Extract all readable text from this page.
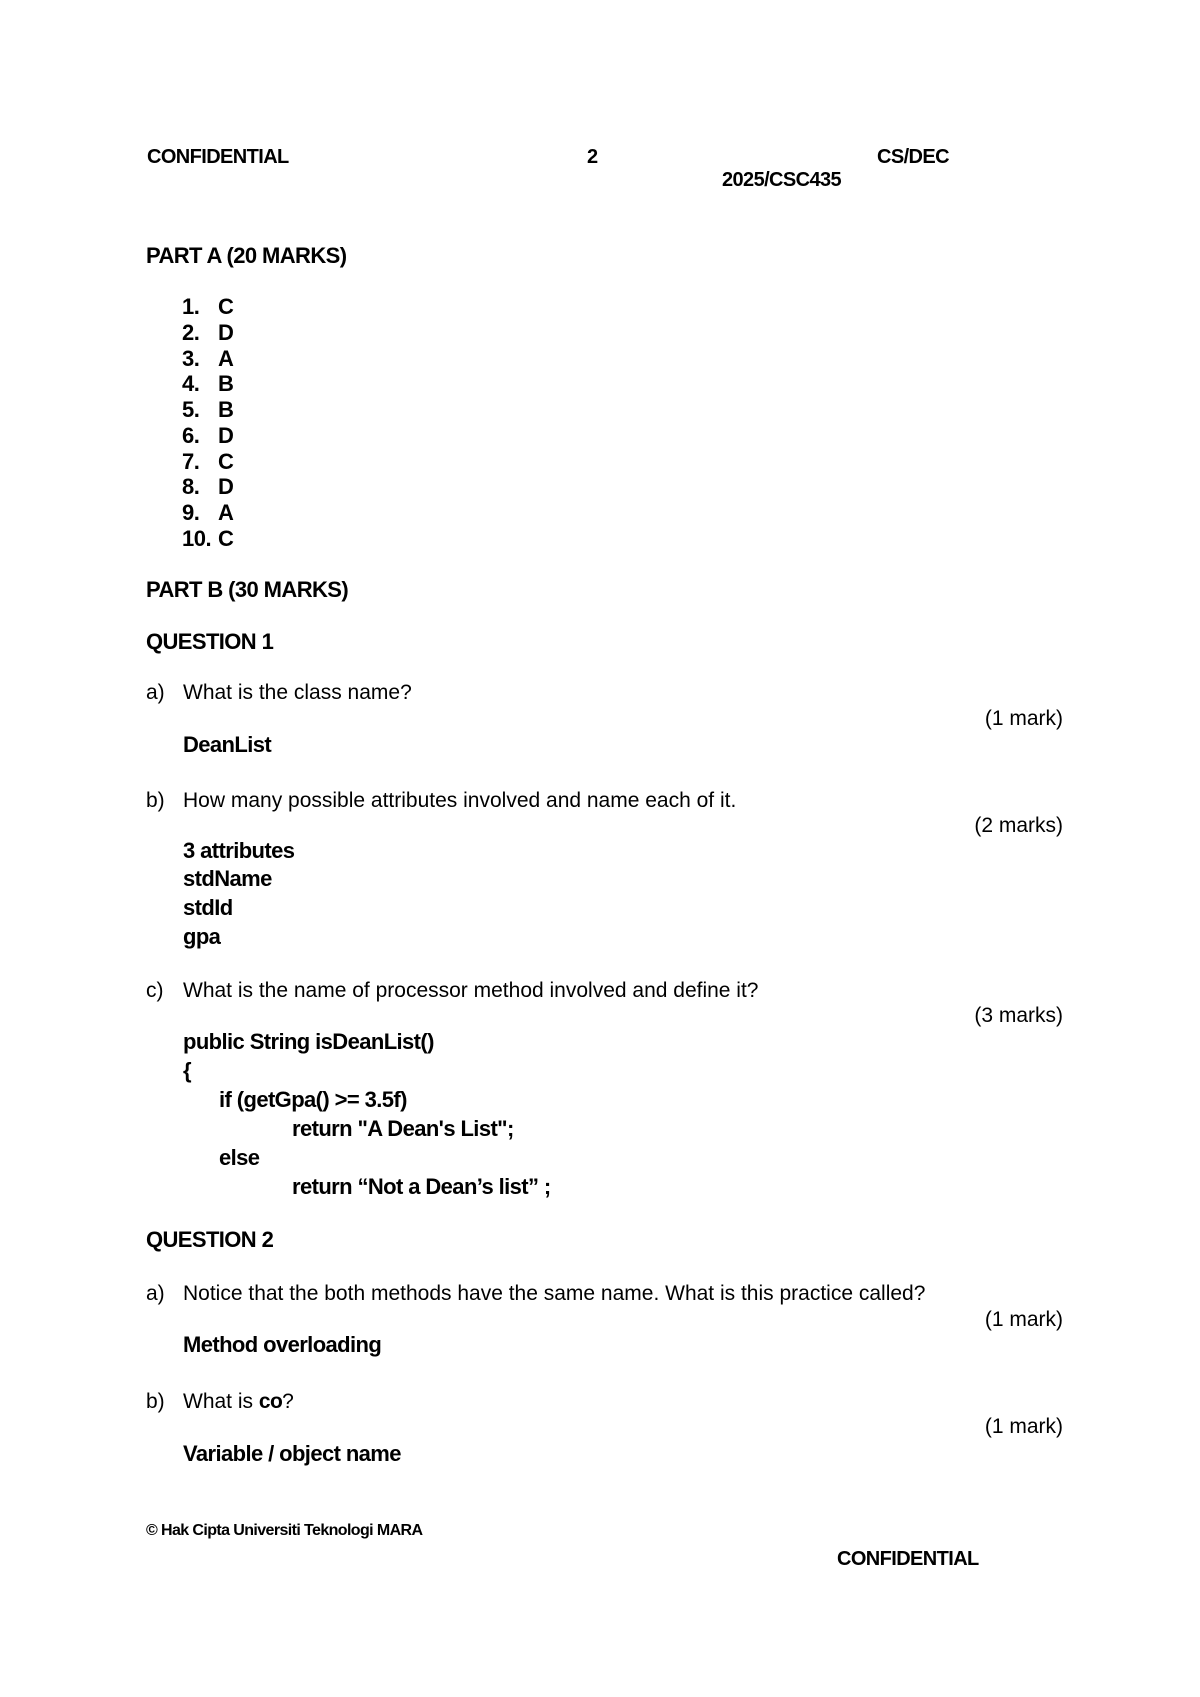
CONFIDENTIAL	2	CS/DEC
2025/CSC435
PART A (20 MARKS)
1. C
2. D
3. A
4. B
5. B
6. D
7. C
8. D
9. A
10. C
PART B (30 MARKS)
QUESTION 1
a) What is the class name?
(1 mark)
DeanList
b) How many possible attributes involved and name each of it.
(2 marks)
3 attributes
stdName
stdId
gpa
c) What is the name of processor method involved and define it?
(3 marks)
public String isDeanList()
{
if (getGpa() >= 3.5f)
return "A Dean's List";
else
return “Not a Dean’s list” ;
QUESTION 2
a) Notice that the both methods have the same name. What is this practice called?
(1 mark)
Method overloading
b) What is co?
(1 mark)
Variable / object name
© Hak Cipta Universiti Teknologi MARA
CONFIDENTIAL
